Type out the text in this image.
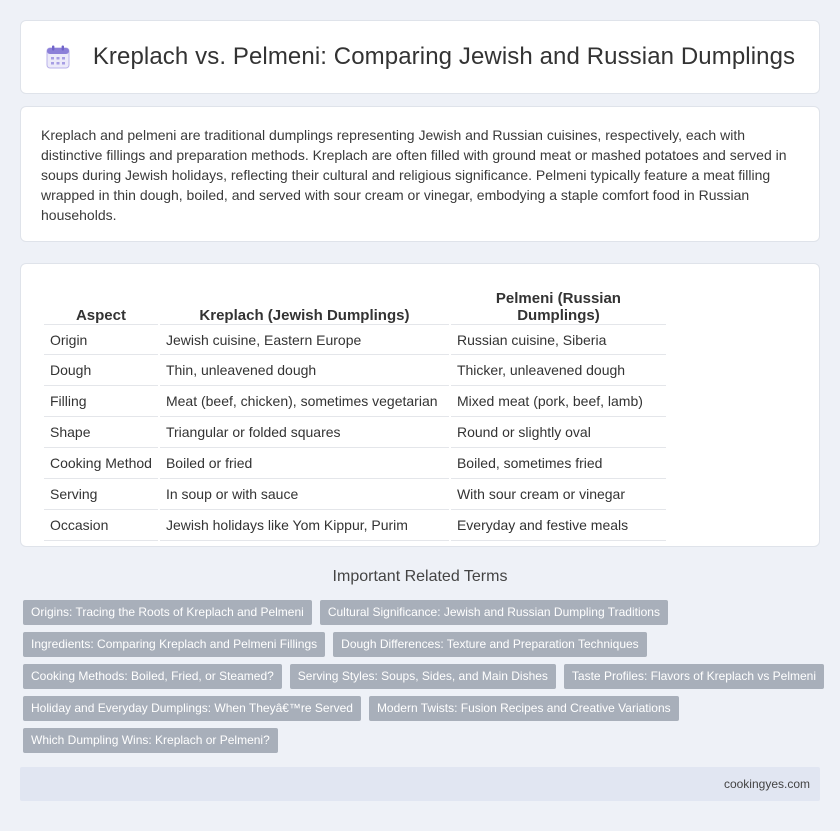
Kreplach vs. Pelmeni: Comparing Jewish and Russian Dumplings

Kreplach and pelmeni are traditional dumplings representing Jewish and Russian cuisines, respectively, each with distinctive fillings and preparation methods. Kreplach are often filled with ground meat or mashed potatoes and served in soups during Jewish holidays, reflecting their cultural and religious significance. Pelmeni typically feature a meat filling wrapped in thin dough, boiled, and served with sour cream or vinegar, embodying a staple comfort food in Russian households.

Aspect	Kreplach (Jewish Dumplings)	Pelmeni (Russian Dumplings)
Origin	Jewish cuisine, Eastern Europe	Russian cuisine, Siberia
Dough	Thin, unleavened dough	Thicker, unleavened dough
Filling	Meat (beef, chicken), sometimes vegetarian	Mixed meat (pork, beef, lamb)
Shape	Triangular or folded squares	Round or slightly oval
Cooking Method	Boiled or fried	Boiled, sometimes fried
Serving	In soup or with sauce	With sour cream or vinegar
Occasion	Jewish holidays like Yom Kippur, Purim	Everyday and festive meals
Important Related Terms
Origins: Tracing the Roots of Kreplach and Pelmeni	Cultural Significance: Jewish and Russian Dumpling Traditions
Ingredients: Comparing Kreplach and Pelmeni Fillings	Dough Differences: Texture and Preparation Techniques
Cooking Methods: Boiled, Fried, or Steamed?	Serving Styles: Soups, Sides, and Main Dishes	Taste Profiles: Flavors of Kreplach vs Pelmeni
Holiday and Everyday Dumplings: When Theyâ€™re Served	Modern Twists: Fusion Recipes and Creative Variations
Which Dumpling Wins: Kreplach or Pelmeni?
cookingyes.com
